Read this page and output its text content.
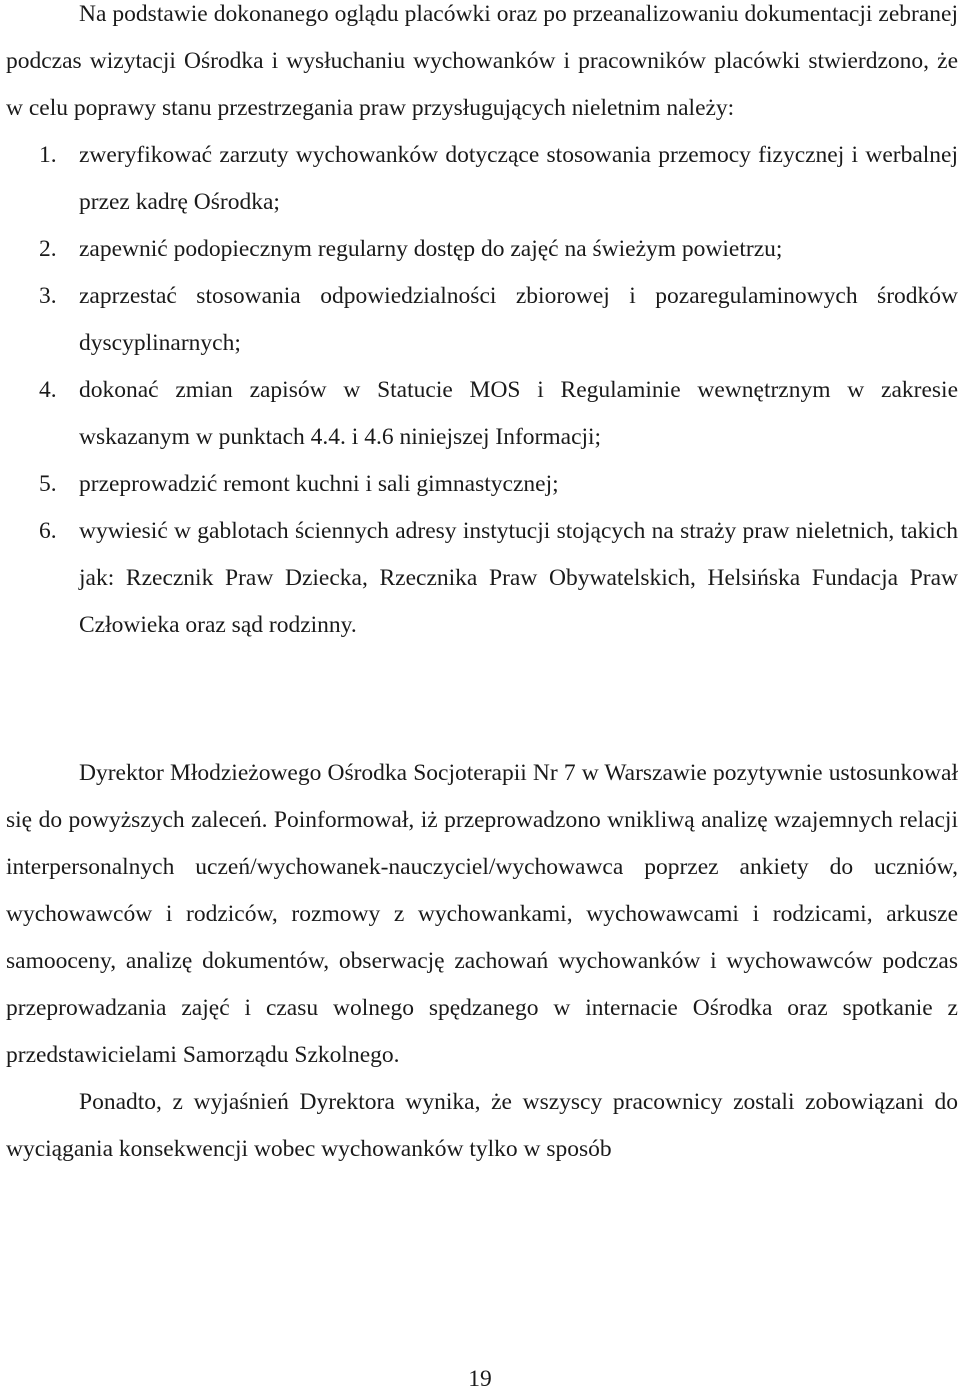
Na podstawie dokonanego oglądu placówki oraz po przeanalizowaniu dokumentacji zebranej podczas wizytacji Ośrodka i wysłuchaniu wychowanków i pracowników placówki stwierdzono, że w celu poprawy stanu przestrzegania praw przysługujących nieletnim należy:

1. zweryfikować zarzuty wychowanków dotyczące stosowania przemocy fizycznej i werbalnej przez kadrę Ośrodka;
2. zapewnić podopiecznym regularny dostęp do zajęć na świeżym powietrzu;
3. zaprzestać stosowania odpowiedzialności zbiorowej i pozaregulaminowych środków dyscyplinarnych;
4. dokonać zmian zapisów w Statucie MOS i Regulaminie wewnętrznym w zakresie wskazanym w punktach 4.4. i 4.6 niniejszej Informacji;
5. przeprowadzić remont kuchni i sali gimnastycznej;
6. wywiesić w gablotach ściennych adresy instytucji stojących na straży praw nieletnich, takich jak: Rzecznik Praw Dziecka, Rzecznika Praw Obywatelskich, Helsińska Fundacja Praw Człowieka oraz sąd rodzinny.

Dyrektor Młodzieżowego Ośrodka Socjoterapii Nr 7 w Warszawie pozytywnie ustosunkował się do powyższych zaleceń. Poinformował, iż przeprowadzono wnikliwą analizę wzajemnych relacji interpersonalnych uczeń/wychowanek-nauczyciel/wychowawca poprzez ankiety do uczniów, wychowawców i rodziców, rozmowy z wychowankami, wychowawcami i rodzicami, arkusze samooceny, analizę dokumentów, obserwację zachowań wychowanków i wychowawców podczas przeprowadzania zajęć i czasu wolnego spędzanego w internacie Ośrodka oraz spotkanie z przedstawicielami Samorządu Szkolnego.

Ponadto, z wyjaśnień Dyrektora wynika, że wszyscy pracownicy zostali zobowiązani do wyciągania konsekwencji wobec wychowanków tylko w sposób

19
